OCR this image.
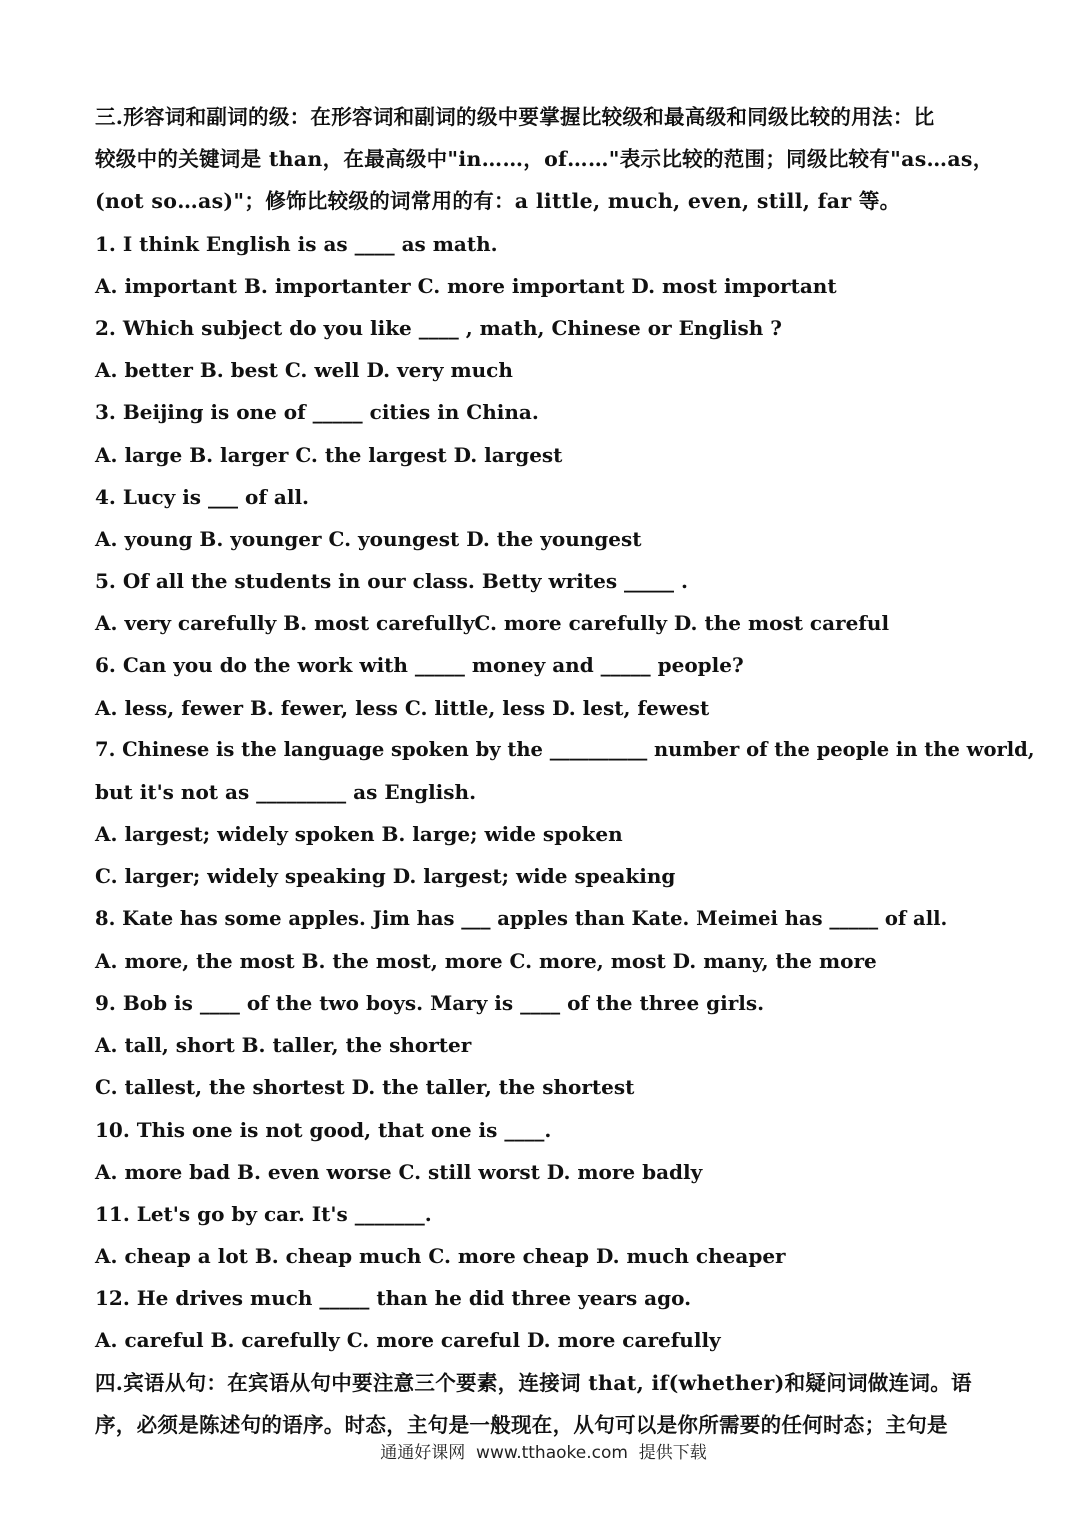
三.形容词和副词的级：在形容词和副词的级中要掌握比较级和最高级和同级比较的用法：比
较级中的关键词是 than，在最高级中"in……，of……"表示比较的范围；同级比较有"as…as，
(not so…as)"；修饰比较级的词常用的有：a little, much, even, still, far 等。
1. I think English is as ____ as math.
A. important B. importanter C. more important D. most important
2. Which subject do you like ____ , math, Chinese or English ?
A. better B. best C. well D. very much
3. Beijing is one of _____ cities in China.
A. large B. larger C. the largest D. largest
4. Lucy is ___ of all.
A. young B. younger C. youngest D. the youngest
5. Of all the students in our class. Betty writes _____ .
A. very carefully B. most carefullyC. more carefully D. the most careful
6. Can you do the work with _____ money and _____ people?
A. less, fewer B. fewer, less C. little, less D. lest, fewest
7. Chinese is the language spoken by the __________ number of the people in the world,
but it's not as _________ as English.
A. largest; widely spoken B. large; wide spoken
C. larger; widely speaking D. largest; wide speaking
8. Kate has some apples. Jim has ___ apples than Kate. Meimei has _____ of all.
A. more, the most B. the most, more C. more, most D. many, the more
9. Bob is ____ of the two boys. Mary is ____ of the three girls.
A. tall, short B. taller, the shorter
C. tallest, the shortest D. the taller, the shortest
10. This one is not good, that one is ____.
A. more bad B. even worse C. still worst D. more badly
11. Let's go by car. It's _______.
A. cheap a lot B. cheap much C. more cheap D. much cheaper
12. He drives much _____ than he did three years ago.
A. careful B. carefully C. more careful D. more carefully
四.宾语从句：在宾语从句中要注意三个要素，连接词 that, if(whether)和疑问词做连词。语
序，必须是陈述句的语序。时态，主句是一般现在，从句可以是你所需要的任何时态；主句是
通通好课网  www.tthaoke.com  提供下载
